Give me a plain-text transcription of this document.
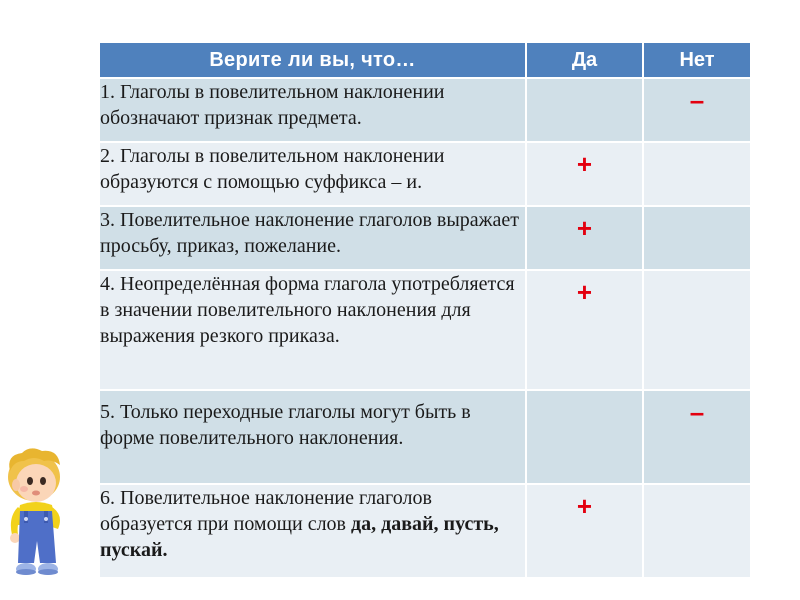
Верите ли вы, что…	Да	Нет
1. Глаголы в повелительном наклонении обозначают признак предмета.		–
2. Глаголы в повелительном наклонении образуются с помощью суффикса – и.	+	
3. Повелительное наклонение глаголов выражает просьбу, приказ, пожелание.	+	
4. Неопределённая форма глагола употребляется в значении повелительного наклонения для выражения резкого приказа.	+	
5. Только переходные глаголы могут быть в форме повелительного наклонения.		–
6. Повелительное наклонение глаголов образуется при помощи слов да, давай, пусть, пускай.	+	
